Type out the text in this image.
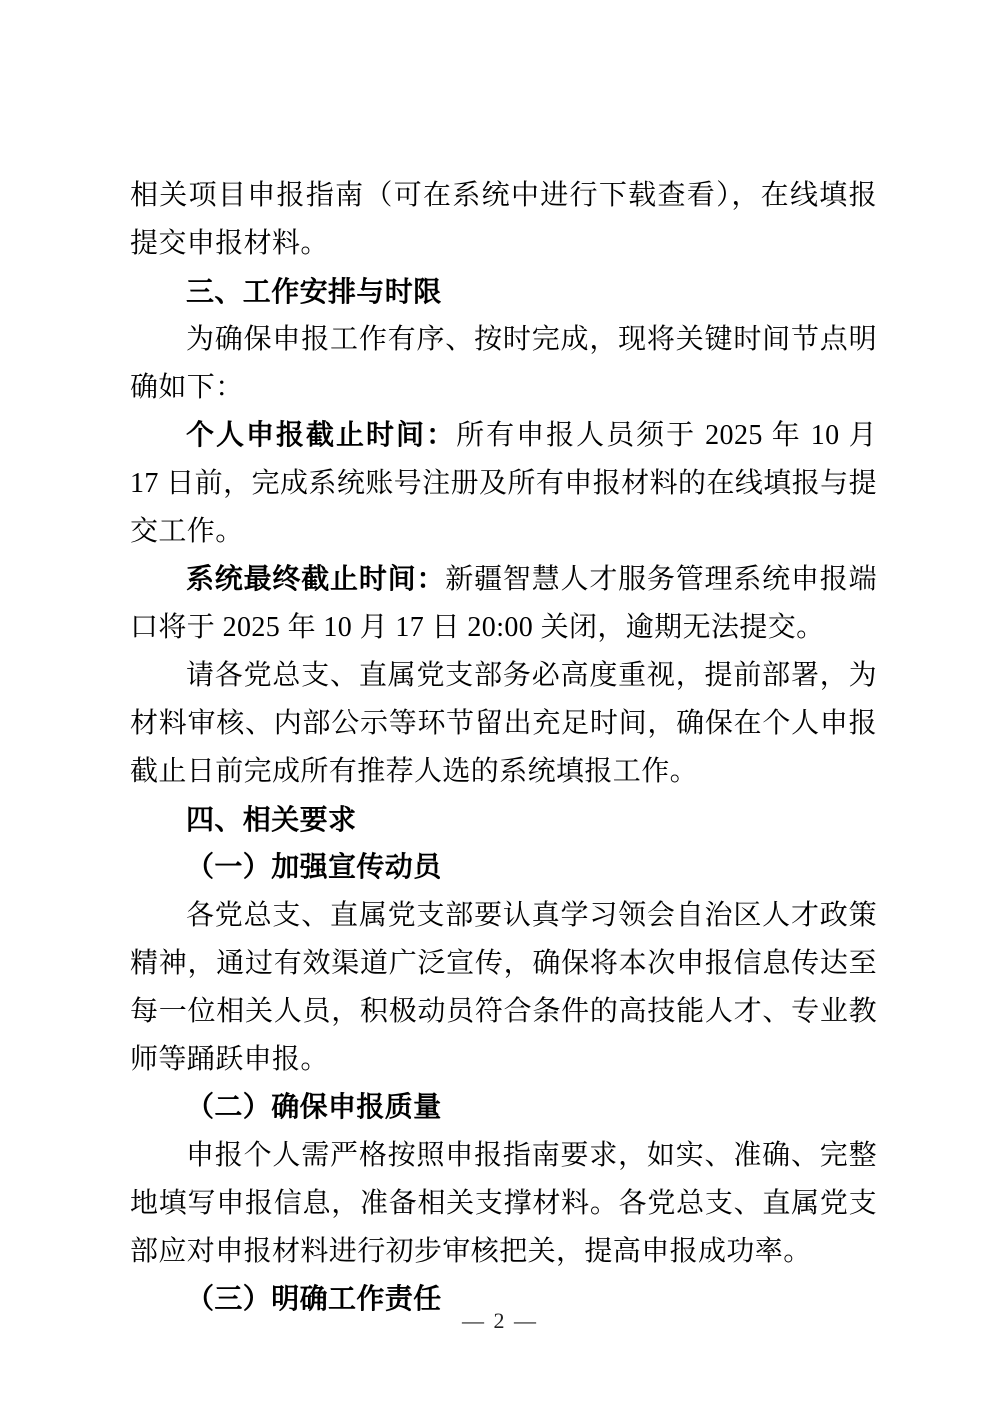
相关项目申报指南（可在系统中进行下载查看），在线填报提交申报材料。

三、工作安排与时限

为确保申报工作有序、按时完成，现将关键时间节点明确如下：

个人申报截止时间：所有申报人员须于 2025 年 10 月 17 日前，完成系统账号注册及所有申报材料的在线填报与提交工作。

系统最终截止时间：新疆智慧人才服务管理系统申报端口将于 2025 年 10 月 17 日 20:00 关闭，逾期无法提交。

请各党总支、直属党支部务必高度重视，提前部署，为材料审核、内部公示等环节留出充足时间，确保在个人申报截止日前完成所有推荐人选的系统填报工作。

四、相关要求

（一）加强宣传动员

各党总支、直属党支部要认真学习领会自治区人才政策精神，通过有效渠道广泛宣传，确保将本次申报信息传达至每一位相关人员，积极动员符合条件的高技能人才、专业教师等踊跃申报。

（二）确保申报质量

申报个人需严格按照申报指南要求，如实、准确、完整地填写申报信息，准备相关支撑材料。各党总支、直属党支部应对申报材料进行初步审核把关，提高申报成功率。

（三）明确工作责任

— 2 —
